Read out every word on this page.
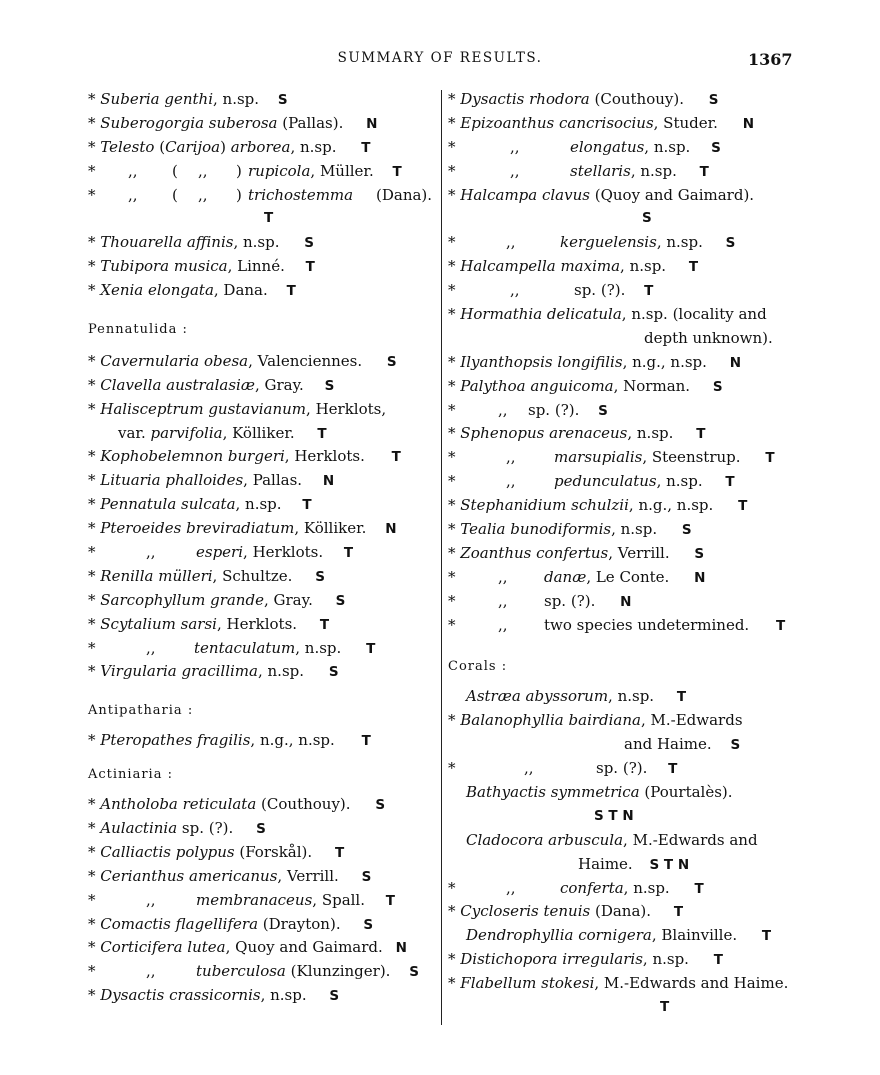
SUMMARY OF RESULTS.	1367
* Suberia genthi, n.sp. S
* Suberogorgia suberosa (Pallas). N
* Telesto (Carijoa) arborea, n.sp. T
* ,, ( ,, ) rupicola, Müller. T
* ,, ( ,, ) trichostemma (Dana).
T
* Thouarella affinis, n.sp. S
* Tubipora musica, Linné. T
* Xenia elongata, Dana. T
Pennatulida :
* Cavernularia obesa, Valenciennes. S
* Clavella australasiæ, Gray. S
* Halisceptrum gustavianum, Herklots,
var. parvifolia, Kölliker. T
* Kophobelemnon burgeri, Herklots. T
* Lituaria phalloides, Pallas. N
* Pennatula sulcata, n.sp. T
* Pteroeides breviradiatum, Kölliker. N
*	,,	esperi, Herklots. T
* Renilla mülleri, Schultze. S
* Sarcophyllum grande, Gray. S
* Scytalium sarsi, Herklots. T
*	,,	tentaculatum, n.sp. T
* Virgularia gracillima, n.sp. S
Antipatharia :
* Pteropathes fragilis, n.g., n.sp. T
Actiniaria :
* Antholoba reticulata (Couthouy). S
* Aulactinia sp. (?). S
* Calliactis polypus (Forskål). T
* Cerianthus americanus, Verrill. S
*	,,	membranaceus, Spall. T
* Comactis flagellifera (Drayton). S
* Corticifera lutea, Quoy and Gaimard. N
*	,,	tuberculosa (Klunzinger). S
* Dysactis crassicornis, n.sp. S
* Dysactis rhodora (Couthouy). S
* Epizoanthus cancrisocius, Studer. N
*	,,	elongatus, n.sp. S
*	,,	stellaris, n.sp. T
* Halcampa clavus (Quoy and Gaimard).
S
*	,,	kerguelensis, n.sp. S
* Halcampella maxima, n.sp. T
*	,,	sp. (?). T
* Hormathia delicatula, n.sp. (locality and
depth unknown).
* Ilyanthopsis longifilis, n.g., n.sp. N
* Palythoa anguicoma, Norman. S
*	,, sp. (?). S
* Sphenopus arenaceus, n.sp. T
*	,,	marsupialis, Steenstrup. T
*	,,	pedunculatus, n.sp. T
* Stephanidium schulzii, n.g., n.sp. T
* Tealia bunodiformis, n.sp. S
* Zoanthus confertus, Verrill. S
*	,, danæ, Le Conte. N
*	,, sp. (?). N
*	,, two species undetermined. T
Corals :
Astræa abyssorum, n.sp. T
* Balanophyllia bairdiana, M.-Edwards
and Haime. S
*	,,	sp. (?). T
Bathyactis symmetrica (Pourtalès).
S T N
Cladocora arbuscula, M.-Edwards and
Haime. S T N
*	,,	conferta, n.sp. T
* Cycloseris tenuis (Dana). T
Dendrophyllia cornigera, Blainville. T
* Distichopora irregularis, n.sp. T
* Flabellum stokesi, M.-Edwards and Haime.
T
